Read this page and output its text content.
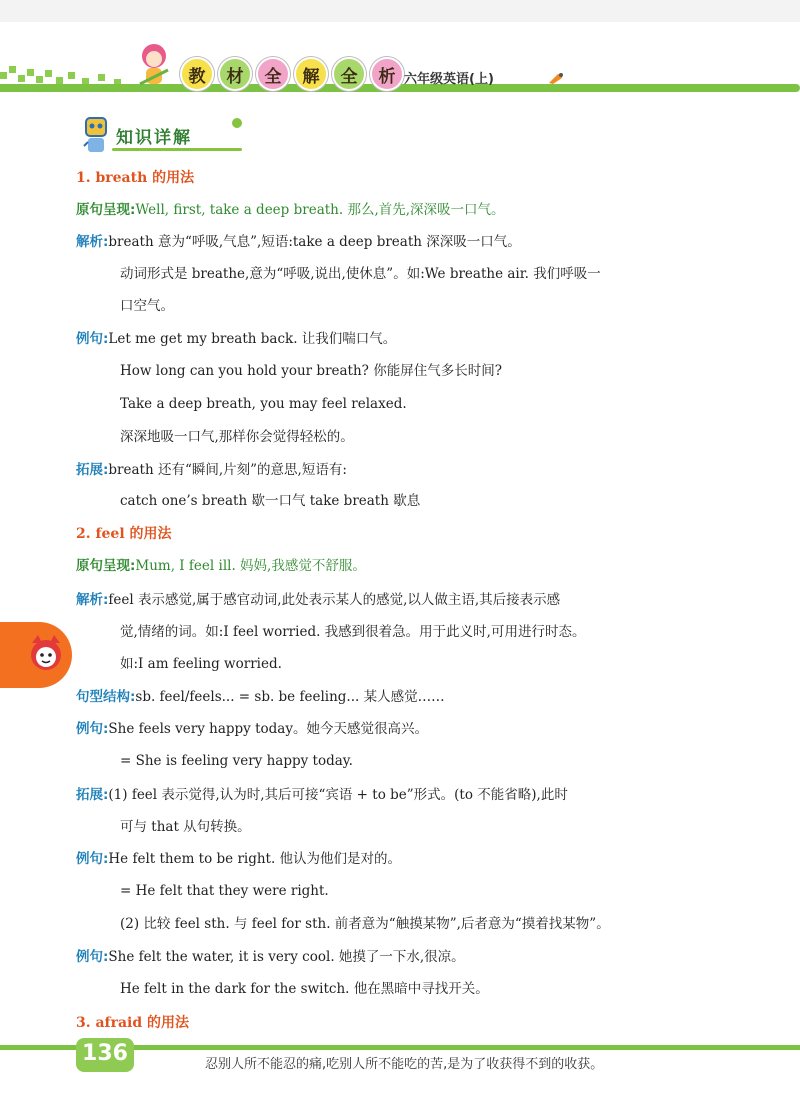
教	材	全	解	全	析 六年级英语(上)
知识详解
1. breath 的用法
原句呈现:Well, first, take a deep breath. 那么,首先,深深吸一口气。
解析:breath 意为“呼吸,气息”,短语:take a deep breath 深深吸一口气。
动词形式是 breathe,意为“呼吸,说出,使休息”。如:We breathe air. 我们呼吸一
口空气。
例句:Let me get my breath back. 让我们喘口气。
How long can you hold your breath? 你能屏住气多长时间?
Take a deep breath, you may feel relaxed.
深深地吸一口气,那样你会觉得轻松的。
拓展:breath 还有“瞬间,片刻”的意思,短语有:
catch one’s breath 歇一口气 take breath 歇息
2. feel 的用法
原句呈现:Mum, I feel ill. 妈妈,我感觉不舒服。
解析:feel 表示感觉,属于感官动词,此处表示某人的感觉,以人做主语,其后接表示感
觉,情绪的词。如:I feel worried. 我感到很着急。用于此义时,可用进行时态。
如:I am feeling worried.
句型结构:sb. feel/feels... = sb. be feeling... 某人感觉……
例句:She feels very happy today。她今天感觉很高兴。
= She is feeling very happy today.
拓展:(1) feel 表示觉得,认为时,其后可接“宾语 + to be”形式。(to 不能省略),此时
可与 that 从句转换。
例句:He felt them to be right. 他认为他们是对的。
= He felt that they were right.
(2) 比较 feel sth. 与 feel for sth. 前者意为“触摸某物”,后者意为“摸着找某物”。
例句:She felt the water, it is very cool. 她摸了一下水,很凉。
He felt in the dark for the switch. 他在黑暗中寻找开关。
3. afraid 的用法
136	忍别人所不能忍的痛,吃别人所不能吃的苦,是为了收获得不到的收获。
